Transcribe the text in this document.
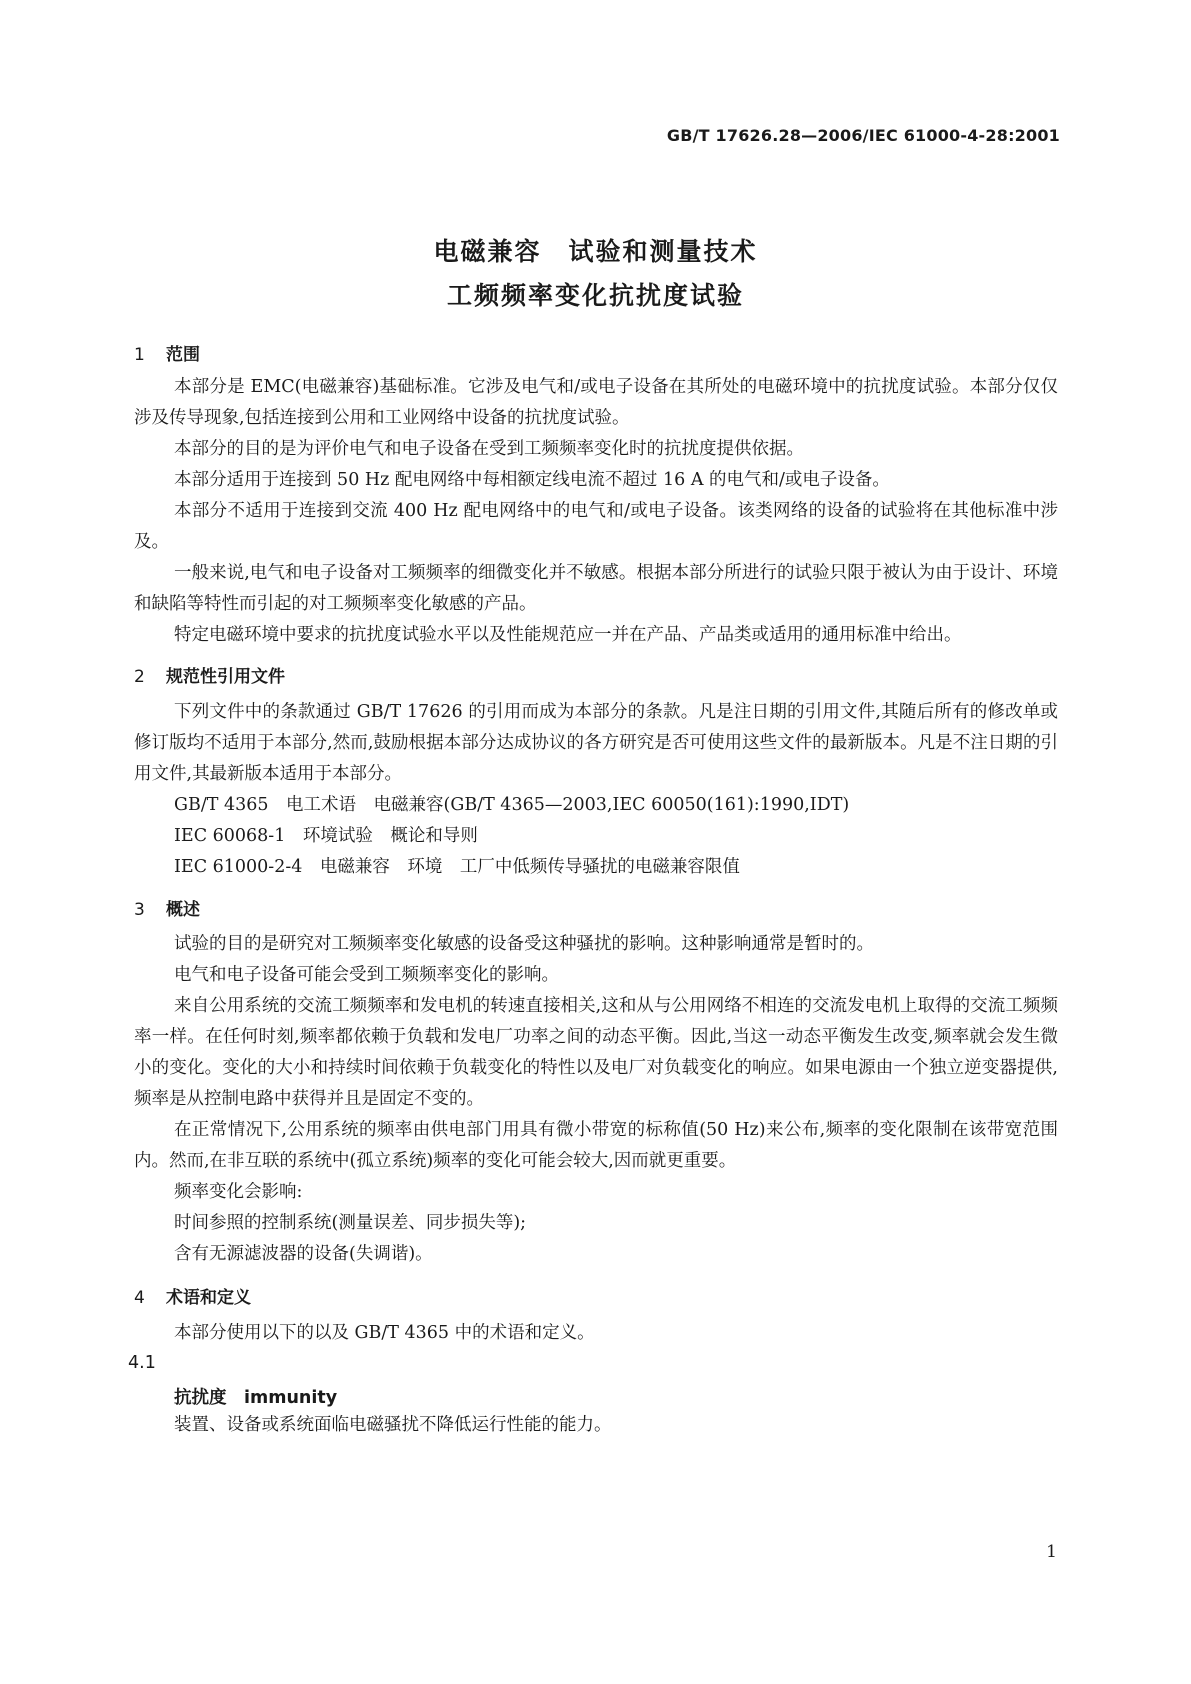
GB/T 17626.28—2006/IEC 61000-4-28:2001
电磁兼容　试验和测量技术
工频频率变化抗扰度试验
1 范围
本部分是 EMC(电磁兼容)基础标准。它涉及电气和/或电子设备在其所处的电磁环境中的抗扰度试验。本部分仅仅涉及传导现象,包括连接到公用和工业网络中设备的抗扰度试验。
本部分的目的是为评价电气和电子设备在受到工频频率变化时的抗扰度提供依据。
本部分适用于连接到 50 Hz 配电网络中每相额定线电流不超过 16 A 的电气和/或电子设备。
本部分不适用于连接到交流 400 Hz 配电网络中的电气和/或电子设备。该类网络的设备的试验将在其他标准中涉及。
一般来说,电气和电子设备对工频频率的细微变化并不敏感。根据本部分所进行的试验只限于被认为由于设计、环境和缺陷等特性而引起的对工频频率变化敏感的产品。
特定电磁环境中要求的抗扰度试验水平以及性能规范应一并在产品、产品类或适用的通用标准中给出。
2 规范性引用文件
下列文件中的条款通过 GB/T 17626 的引用而成为本部分的条款。凡是注日期的引用文件,其随后所有的修改单或修订版均不适用于本部分,然而,鼓励根据本部分达成协议的各方研究是否可使用这些文件的最新版本。凡是不注日期的引用文件,其最新版本适用于本部分。
GB/T 4365　电工术语　电磁兼容(GB/T 4365—2003,IEC 60050(161):1990,IDT)
IEC 60068-1　环境试验　概论和导则
IEC 61000-2-4　电磁兼容　环境　工厂中低频传导骚扰的电磁兼容限值
3 概述
试验的目的是研究对工频频率变化敏感的设备受这种骚扰的影响。这种影响通常是暂时的。
电气和电子设备可能会受到工频频率变化的影响。
来自公用系统的交流工频频率和发电机的转速直接相关,这和从与公用网络不相连的交流发电机上取得的交流工频频率一样。在任何时刻,频率都依赖于负载和发电厂功率之间的动态平衡。因此,当这一动态平衡发生改变,频率就会发生微小的变化。变化的大小和持续时间依赖于负载变化的特性以及电厂对负载变化的响应。如果电源由一个独立逆变器提供,频率是从控制电路中获得并且是固定不变的。
在正常情况下,公用系统的频率由供电部门用具有微小带宽的标称值(50 Hz)来公布,频率的变化限制在该带宽范围内。然而,在非互联的系统中(孤立系统)频率的变化可能会较大,因而就更重要。
频率变化会影响:
时间参照的控制系统(测量误差、同步损失等);
含有无源滤波器的设备(失调谐)。
4 术语和定义
本部分使用以下的以及 GB/T 4365 中的术语和定义。
4.1
抗扰度　immunity
装置、设备或系统面临电磁骚扰不降低运行性能的能力。
1
